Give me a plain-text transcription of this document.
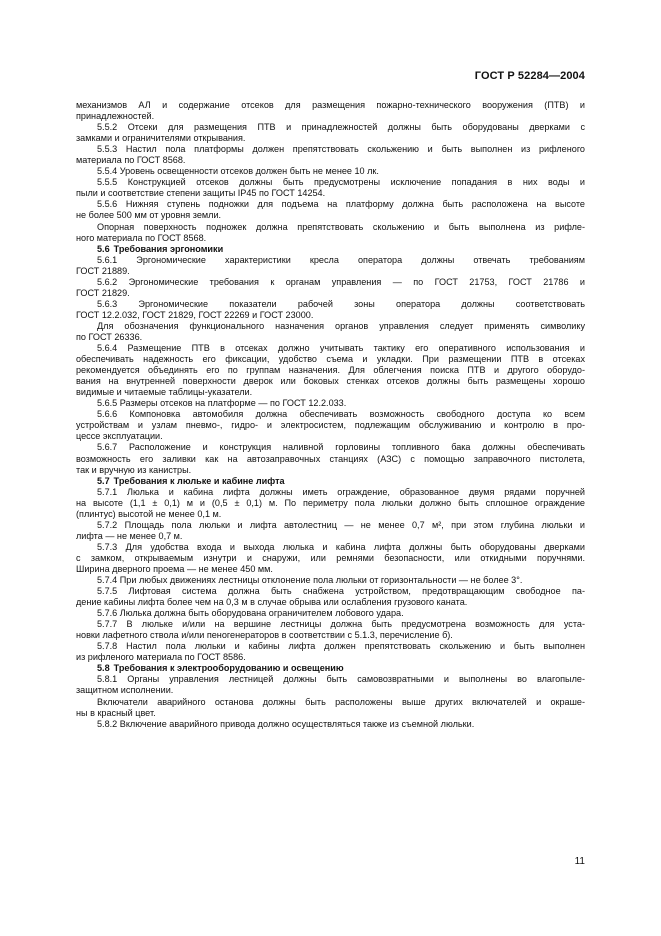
ГОСТ Р 52284—2004
механизмов АЛ и содержание отсеков для размещения пожарно-технического вооружения (ПТВ) и
принадлежностей.
5.5.2 Отсеки для размещения ПТВ и принадлежностей должны быть оборудованы дверками с
замками и ограничителями открывания.
5.5.3 Настил пола платформы должен препятствовать скольжению и быть выполнен из рифленого
материала по ГОСТ 8568.
5.5.4 Уровень освещенности отсеков должен быть не менее 10 лк.
5.5.5 Конструкцией отсеков должны быть предусмотрены исключение попадания в них воды и
пыли и соответствие степени защиты IP45 по ГОСТ 14254.
5.5.6 Нижняя ступень подножки для подъема на платформу должна быть расположена на высоте
не более 500 мм от уровня земли.
Опорная поверхность подножек должна препятствовать скольжению и быть выполнена из рифле-
ного материала по ГОСТ 8568.
5.6 Требования эргономики
5.6.1 Эргономические характеристики кресла оператора должны отвечать требованиям
ГОСТ 21889.
5.6.2 Эргономические требования к органам управления — по ГОСТ 21753, ГОСТ 21786 и
ГОСТ 21829.
5.6.3 Эргономические показатели рабочей зоны оператора должны соответствовать
ГОСТ 12.2.032, ГОСТ 21829, ГОСТ 22269 и ГОСТ 23000.
Для обозначения функционального назначения органов управления следует применять символику
по ГОСТ 26336.
5.6.4 Размещение ПТВ в отсеках должно учитывать тактику его оперативного использования и
обеспечивать надежность его фиксации, удобство съема и укладки. При размещении ПТВ в отсеках
рекомендуется объединять его по группам назначения. Для облегчения поиска ПТВ и другого оборудо-
вания на внутренней поверхности дверок или боковых стенках отсеков должны быть размещены хорошо
видимые и читаемые таблицы-указатели.
5.6.5 Размеры отсеков на платформе — по ГОСТ 12.2.033.
5.6.6 Компоновка автомобиля должна обеспечивать возможность свободного доступа ко всем
устройствам и узлам пневмо-, гидро- и электросистем, подлежащим обслуживанию и контролю в про-
цессе эксплуатации.
5.6.7 Расположение и конструкция наливной горловины топливного бака должны обеспечивать
возможность его заливки как на автозаправочных станциях (АЗС) с помощью заправочного пистолета,
так и вручную из канистры.
5.7 Требования к люльке и кабине лифта
5.7.1 Люлька и кабина лифта должны иметь ограждение, образованное двумя рядами поручней
на высоте (1,1 ± 0,1) м и (0,5 ± 0,1) м. По периметру пола люльки должно быть сплошное ограждение
(плинтус) высотой не менее 0,1 м.
5.7.2 Площадь пола люльки и лифта автолестниц — не менее 0,7 м², при этом глубина люльки и
лифта — не менее 0,7 м.
5.7.3 Для удобства входа и выхода люлька и кабина лифта должны быть оборудованы дверками
с замком, открываемым изнутри и снаружи, или ремнями безопасности, или откидными поручнями.
Ширина дверного проема — не менее 450 мм.
5.7.4 При любых движениях лестницы отклонение пола люльки от горизонтальности — не более 3°.
5.7.5 Лифтовая система должна быть снабжена устройством, предотвращающим свободное па-
дение кабины лифта более чем на 0,3 м в случае обрыва или ослабления грузового каната.
5.7.6 Люлька должна быть оборудована ограничителем лобового удара.
5.7.7 В люльке и/или на вершине лестницы должна быть предусмотрена возможность для уста-
новки лафетного ствола и/или пеногенераторов в соответствии с 5.1.3, перечисление б).
5.7.8 Настил пола люльки и кабины лифта должен препятствовать скольжению и быть выполнен
из рифленого материала по ГОСТ 8586.
5.8 Требования к электрооборудованию и освещению
5.8.1 Органы управления лестницей должны быть самовозвратными и выполнены во влагопыле-
защитном исполнении.
Включатели аварийного останова должны быть расположены выше других включателей и окраше-
ны в красный цвет.
5.8.2 Включение аварийного привода должно осуществляться также из съемной люльки.
11
